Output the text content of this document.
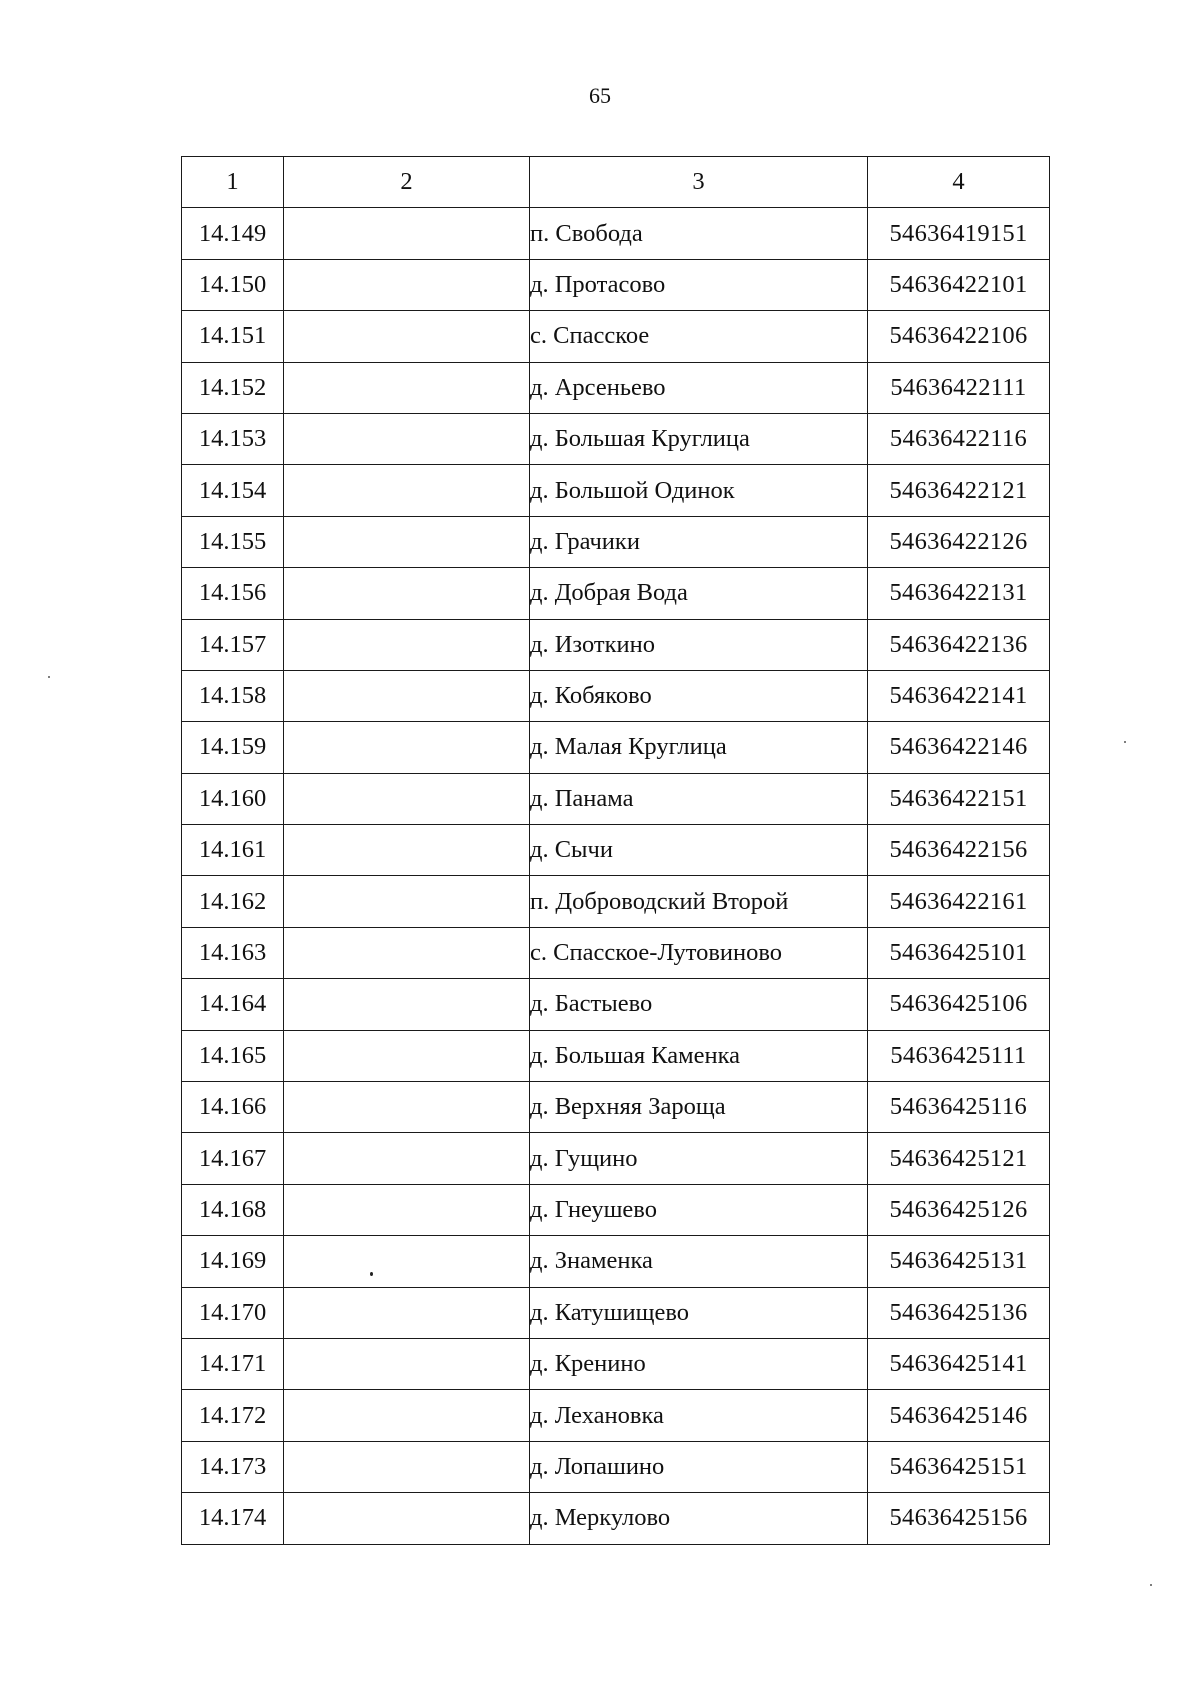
65
1	2	3	4
14.149		п. Свобода	54636419151
14.150		д. Протасово	54636422101
14.151		с. Спасское	54636422106
14.152		д. Арсеньево	54636422111
14.153		д. Большая Круглица	54636422116
14.154		д. Большой Одинок	54636422121
14.155		д. Грачики	54636422126
14.156		д. Добрая Вода	54636422131
14.157		д. Изоткино	54636422136
14.158		д. Кобяково	54636422141
14.159		д. Малая Круглица	54636422146
14.160		д. Панама	54636422151
14.161		д. Сычи	54636422156
14.162		п. Доброводский Второй	54636422161
14.163		с. Спасское-Лутовиново	54636425101
14.164		д. Бастыево	54636425106
14.165		д. Большая Каменка	54636425111
14.166		д. Верхняя Зароща	54636425116
14.167		д. Гущино	54636425121
14.168		д. Гнеушево	54636425126
14.169		д. Знаменка	54636425131
14.170		д. Катушищево	54636425136
14.171		д. Кренино	54636425141
14.172		д. Лехановка	54636425146
14.173		д. Лопашино	54636425151
14.174		д. Меркулово	54636425156
